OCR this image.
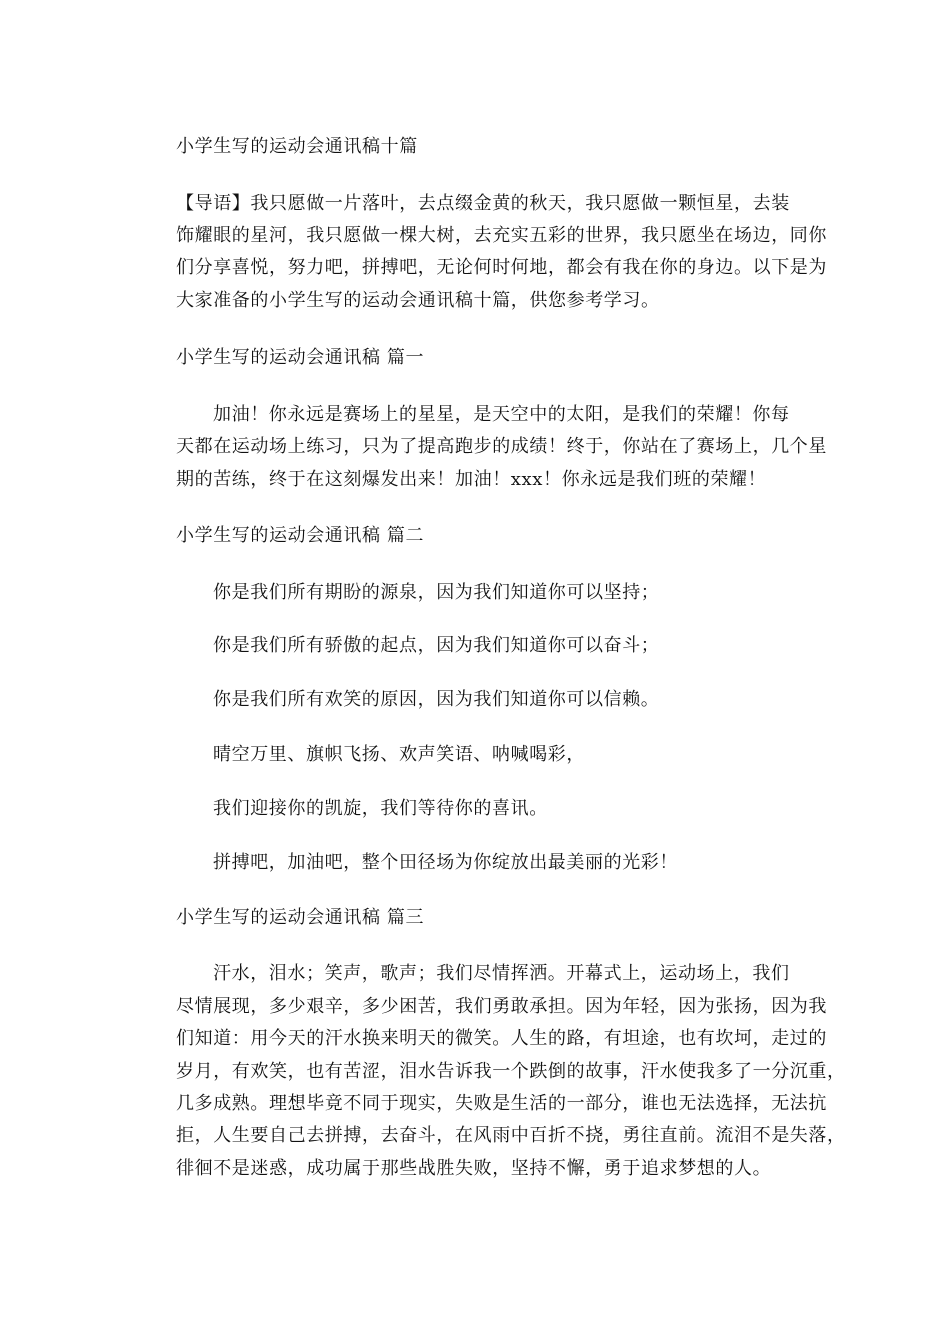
小学生写的运动会通讯稿十篇
【导语】我只愿做一片落叶，去点缀金黄的秋天，我只愿做一颗恒星，去装
饰耀眼的星河，我只愿做一棵大树，去充实五彩的世界，我只愿坐在场边，同你
们分享喜悦，努力吧，拼搏吧，无论何时何地，都会有我在你的身边。以下是为
大家准备的小学生写的运动会通讯稿十篇，供您参考学习。
小学生写的运动会通讯稿 篇一
加油！你永远是赛场上的星星，是天空中的太阳，是我们的荣耀！你每
天都在运动场上练习，只为了提高跑步的成绩！终于，你站在了赛场上，几个星
期的苦练，终于在这刻爆发出来！加油！xxx！你永远是我们班的荣耀！
小学生写的运动会通讯稿 篇二
你是我们所有期盼的源泉，因为我们知道你可以坚持；
你是我们所有骄傲的起点，因为我们知道你可以奋斗；
你是我们所有欢笑的原因，因为我们知道你可以信赖。
晴空万里、旗帜飞扬、欢声笑语、呐喊喝彩，
我们迎接你的凯旋，我们等待你的喜讯。
拼搏吧，加油吧，整个田径场为你绽放出最美丽的光彩！
小学生写的运动会通讯稿 篇三
汗水，泪水；笑声，歌声；我们尽情挥洒。开幕式上，运动场上，我们
尽情展现，多少艰辛，多少困苦，我们勇敢承担。因为年轻，因为张扬，因为我
们知道：用今天的汗水换来明天的微笑。人生的路，有坦途，也有坎坷，走过的
岁月，有欢笑，也有苦涩，泪水告诉我一个跌倒的故事，汗水使我多了一分沉重，
几多成熟。理想毕竟不同于现实，失败是生活的一部分，谁也无法选择，无法抗
拒，人生要自己去拼搏，去奋斗，在风雨中百折不挠，勇往直前。流泪不是失落，
徘徊不是迷惑，成功属于那些战胜失败，坚持不懈，勇于追求梦想的人。
